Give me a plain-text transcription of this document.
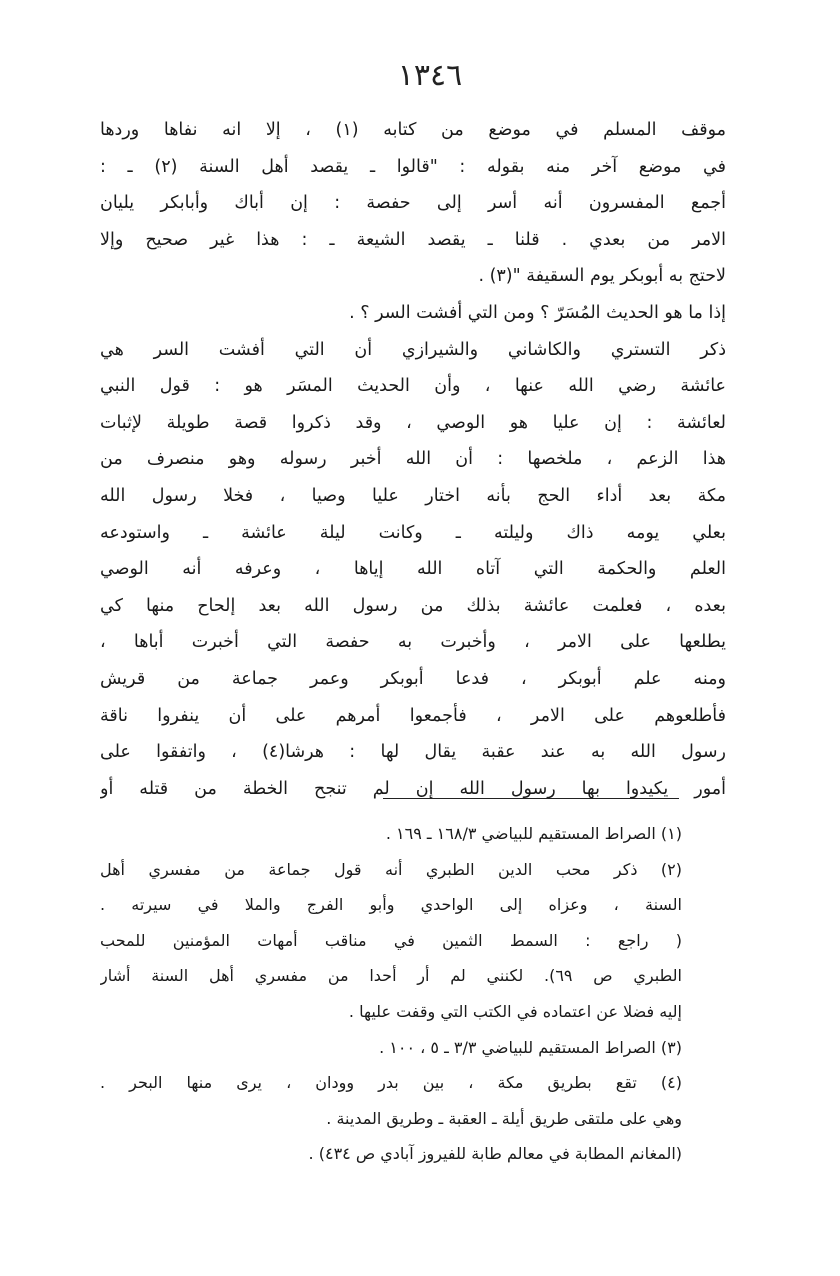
١٣٤٦
موقف المسلم في موضع من كتابه (١) ، إلا انه نفاها وردها
في موضع آخر منه بقوله : "قالوا ـ يقصد أهل السنة (٢) ـ :
أجمع المفسرون أنه أسر إلى حفصة : إن أباك وأبابكر يليان
الامر من بعدي . قلنا ـ يقصد الشيعة ـ : هذا غير صحيح وإلا
لاحتج به أبوبكر يوم السقيفة "(٣) .
إذا ما هو الحديث المُسَرّ ؟ ومن التي أفشت السر ؟ .
ذكر التستري والكاشاني والشيرازي أن التي أفشت السر هي
عائشة رضي الله عنها ، وأن الحديث المسَر هو : قول النبي
لعائشة : إن عليا هو الوصي ، وقد ذكروا قصة طويلة لإثبات
هذا الزعم ، ملخصها : أن الله أخبر رسوله وهو منصرف من
مكة بعد أداء الحج بأنه اختار عليا وصيا ، فخلا رسول الله
بعلي يومه ذاك وليلته ـ وكانت ليلة عائشة ـ واستودعه
العلم والحكمة التي آتاه الله إياها ، وعرفه أنه الوصي
بعده ، فعلمت عائشة بذلك من رسول الله بعد إلحاح منها كي
يطلعها على الامر ، وأخبرت به حفصة التي أخبرت أباها ،
ومنه علم أبوبكر ، فدعا أبوبكر وعمر جماعة من قريش
فأطلعوهم على الامر ، فأجمعوا أمرهم على أن ينفروا ناقة
رسول الله به عند عقبة يقال لها : هرشا(٤) ، واتفقوا على
أمور يكيدوا بها رسول الله إن لم تنجح الخطة من قتله أو
(١) الصراط المستقيم للبياضي ١٦٨/٣ ـ ١٦٩ .
(٢) ذكر محب الدين الطبري أنه قول جماعة من مفسري أهل
السنة ، وعزاه إلى الواحدي وأبو الفرج والملا في سيرته .
( راجع : السمط الثمين في مناقب أمهات المؤمنين للمحب
الطبري ص ٦٩). لكنني لم أر أحدا من مفسري أهل السنة أشار
إليه فضلا عن اعتماده في الكتب التي وقفت عليها .
(٣) الصراط المستقيم للبياضي ٣/٣ ـ ٥ ، ١٠٠ .
(٤) تقع بطريق مكة ، بين بدر وودان ، يرى منها البحر .
وهي على ملتقى طريق أيلة ـ العقبة ـ وطريق المدينة .
(المغانم المطابة في معالم طابة للفيروز آبادي ص ٤٣٤) .
